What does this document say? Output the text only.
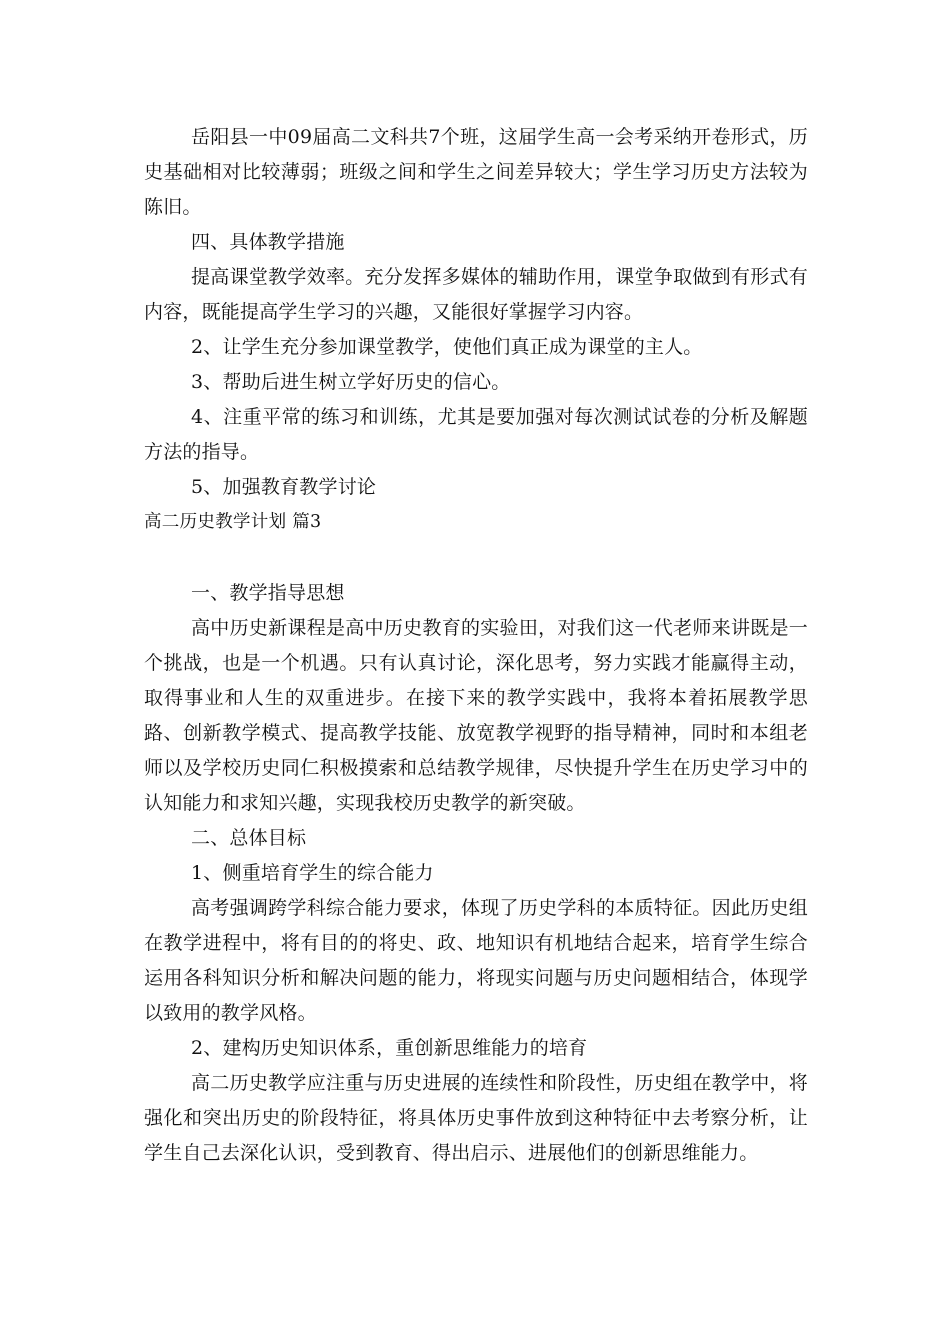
岳阳县一中09届高二文科共7个班，这届学生高一会考采纳开卷形式，历史基础相对比较薄弱；班级之间和学生之间差异较大；学生学习历史方法较为陈旧。

四、具体教学措施

提高课堂教学效率。充分发挥多媒体的辅助作用，课堂争取做到有形式有内容，既能提高学生学习的兴趣，又能很好掌握学习内容。

2、让学生充分参加课堂教学，使他们真正成为课堂的主人。

3、帮助后进生树立学好历史的信心。

4、注重平常的练习和训练，尤其是要加强对每次测试试卷的分析及解题方法的指导。

5、加强教育教学讨论

高二历史教学计划 篇3

一、教学指导思想

高中历史新课程是高中历史教育的实验田，对我们这一代老师来讲既是一个挑战，也是一个机遇。只有认真讨论，深化思考，努力实践才能赢得主动，取得事业和人生的双重进步。在接下来的教学实践中，我将本着拓展教学思路、创新教学模式、提高教学技能、放宽教学视野的指导精神，同时和本组老师以及学校历史同仁积极摸索和总结教学规律，尽快提升学生在历史学习中的认知能力和求知兴趣，实现我校历史教学的新突破。

二、总体目标

1、侧重培育学生的综合能力

高考强调跨学科综合能力要求，体现了历史学科的本质特征。因此历史组在教学进程中，将有目的的将史、政、地知识有机地结合起来，培育学生综合运用各科知识分析和解决问题的能力，将现实问题与历史问题相结合，体现学以致用的教学风格。

2、建构历史知识体系，重创新思维能力的培育

高二历史教学应注重与历史进展的连续性和阶段性，历史组在教学中，将强化和突出历史的阶段特征，将具体历史事件放到这种特征中去考察分析，让学生自己去深化认识，受到教育、得出启示、进展他们的创新思维能力。
